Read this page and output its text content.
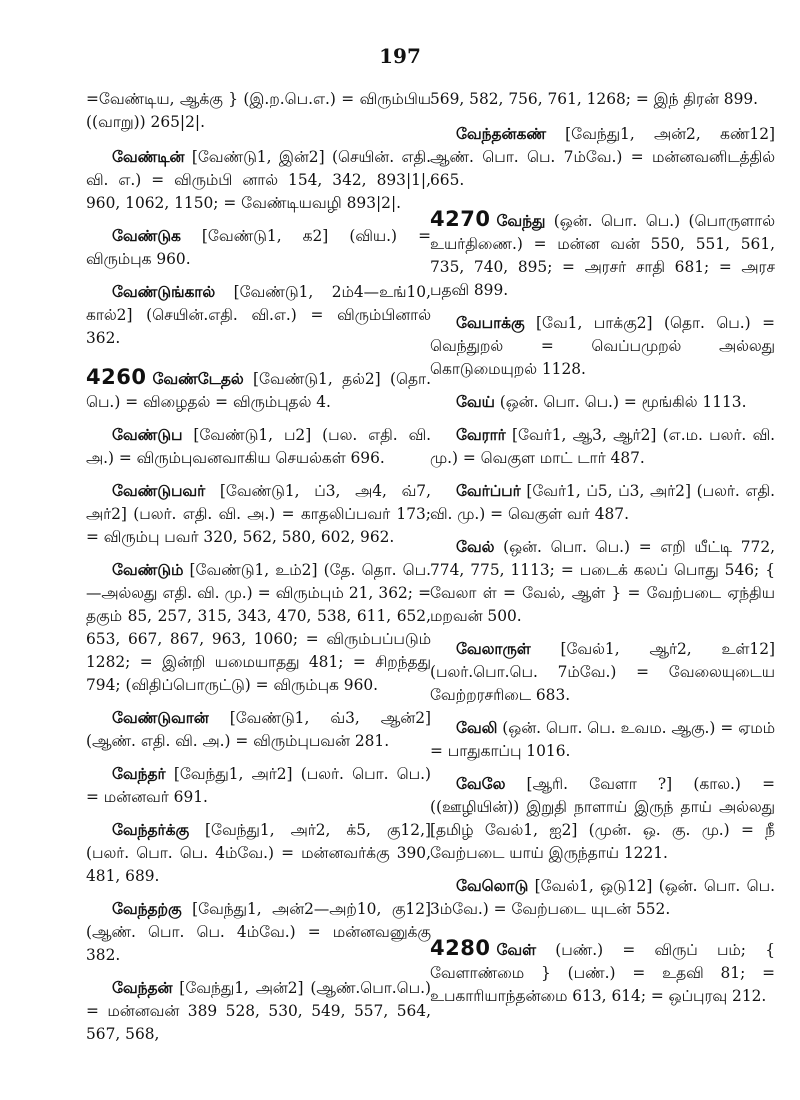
197

=வேண்டிய, ஆக்கு } (இ.ற.பெ.எ.) = விரும்பிய ((வாறு)) 265|2|.

வேண்டின் [வேண்டு1, இன்2] (செயின். எதி. வி. எ.) = விரும்பி னால் 154, 342, 893|1|, 960, 1062, 1150; = வேண்டியவழி 893|2|.

வேண்டுக [வேண்டு1, க2] (விய.) = விரும்புக 960.

வேண்டுங்கால் [வேண்டு1, 2ம்4—உங்10, கால்2] (செயின்.எதி. வி.எ.) = விரும்பினால் 362.

4260 வேண்டேதல் [வேண்டு1, தல்2] (தொ. பெ.) = விழைதல் = விரும்புதல் 4.

வேண்டுப [வேண்டு1, ப2] (பல. எதி. வி. அ.) = விரும்புவனவாகிய செயல்கள் 696.

வேண்டுபவர் [வேண்டு1, ப்3, அ4, வ்7, அர்2] (பலர். எதி. வி. அ.) = காதலிப்பவர் 173; = விரும்பு பவர் 320, 562, 580, 602, 962.

வேண்டும் [வேண்டு1, உம்2] (தே. தொ. பெ.—அல்லது எதி. வி. மு.) = விரும்பும் 21, 362; = தகும் 85, 257, 315, 343, 470, 538, 611, 652, 653, 667, 867, 963, 1060; = விரும்பப்படும் 1282; = இன்றி யமையாதது 481; = சிறந்தது 794; (விதிப்பொருட்டு) = விரும்புக 960.

வேண்டுவான் [வேண்டு1, வ்3, ஆன்2] (ஆண். எதி. வி. அ.) = விரும்புபவன் 281.

வேந்தர் [வேந்து1, அர்2] (பலர். பொ. பெ.) = மன்னவர் 691.

வேந்தர்க்கு [வேந்து1, அர்2, க்5, கு12,] (பலர். பொ. பெ. 4ம்வே.) = மன்னவர்க்கு 390, 481, 689.

வேந்தற்கு [வேந்து1, அன்2—அற்10, கு12] (ஆண். பொ. பெ. 4ம்வே.) = மன்னவனுக்கு 382.

வேந்தன் [வேந்து1, அன்2] (ஆண்.பொ.பெ.) = மன்னவன் 389 528, 530, 549, 557, 564, 567, 568,

569, 582, 756, 761, 1268; = இந் திரன் 899.

வேந்தன்கண் [வேந்து1, அன்2, கண்12] ஆண். பொ. பெ. 7ம்வே.) = மன்னவனிடத்தில் 665.

4270 வேந்து (ஒன். பொ. பெ.) (பொருளால் உயர்திணை.) = மன்ன வன் 550, 551, 561, 735, 740, 895; = அரசர் சாதி 681; = அரச பதவி 899.

வேபாக்கு [வே1, பாக்கு2] (தொ. பெ.) = வெந்துறல் = வெப்பமுறல் அல்லது கொடுமையுறல் 1128.

வேய் (ஒன். பொ. பெ.) = மூங்கில் 1113.

வேரார் [வேர்1, ஆ3, ஆர்2] (எ.ம. பலர். வி. மு.) = வெகுள மாட் டார் 487.

வேர்ப்பர் [வேர்1, ப்5, ப்3, அர்2] (பலர். எதி. வி. மு.) = வெகுள் வர் 487.

வேல் (ஒன். பொ. பெ.) = எறி யீட்டி 772, 774, 775, 1113; = படைக் கலப் பொது 546; { வேலா ள் = வேல், ஆள் } = வேற்படை ஏந்திய மறவன் 500.

வேலாருள் [வேல்1, ஆர்2, உள்12] (பலர்.பொ.பெ. 7ம்வே.) = வேலையுடைய வேற்றரசரிடை 683.

வேலி (ஒன். பொ. பெ. உவம. ஆகு.) = ஏமம் = பாதுகாப்பு 1016.

வேலே [ஆரி. வேளா ?] (கால.) = ((ஊழியின்)) இறுதி நாளாய் இருந் தாய் அல்லது [தமிழ் வேல்1, ஐ2] (முன். ஒ. கு. மு.) = நீ வேற்படை யாய் இருந்தாய் 1221.

வேலொடு [வேல்1, ஒடு12] (ஒன். பொ. பெ. 3ம்வே.) = வேற்படை யுடன் 552.

4280 வேள் (பண்.) = விருப் பம்; { வேளாண்மை } (பண்.) = உதவி 81; = உபகாரியாந்தன்மை 613, 614; = ஒப்புரவு 212.
